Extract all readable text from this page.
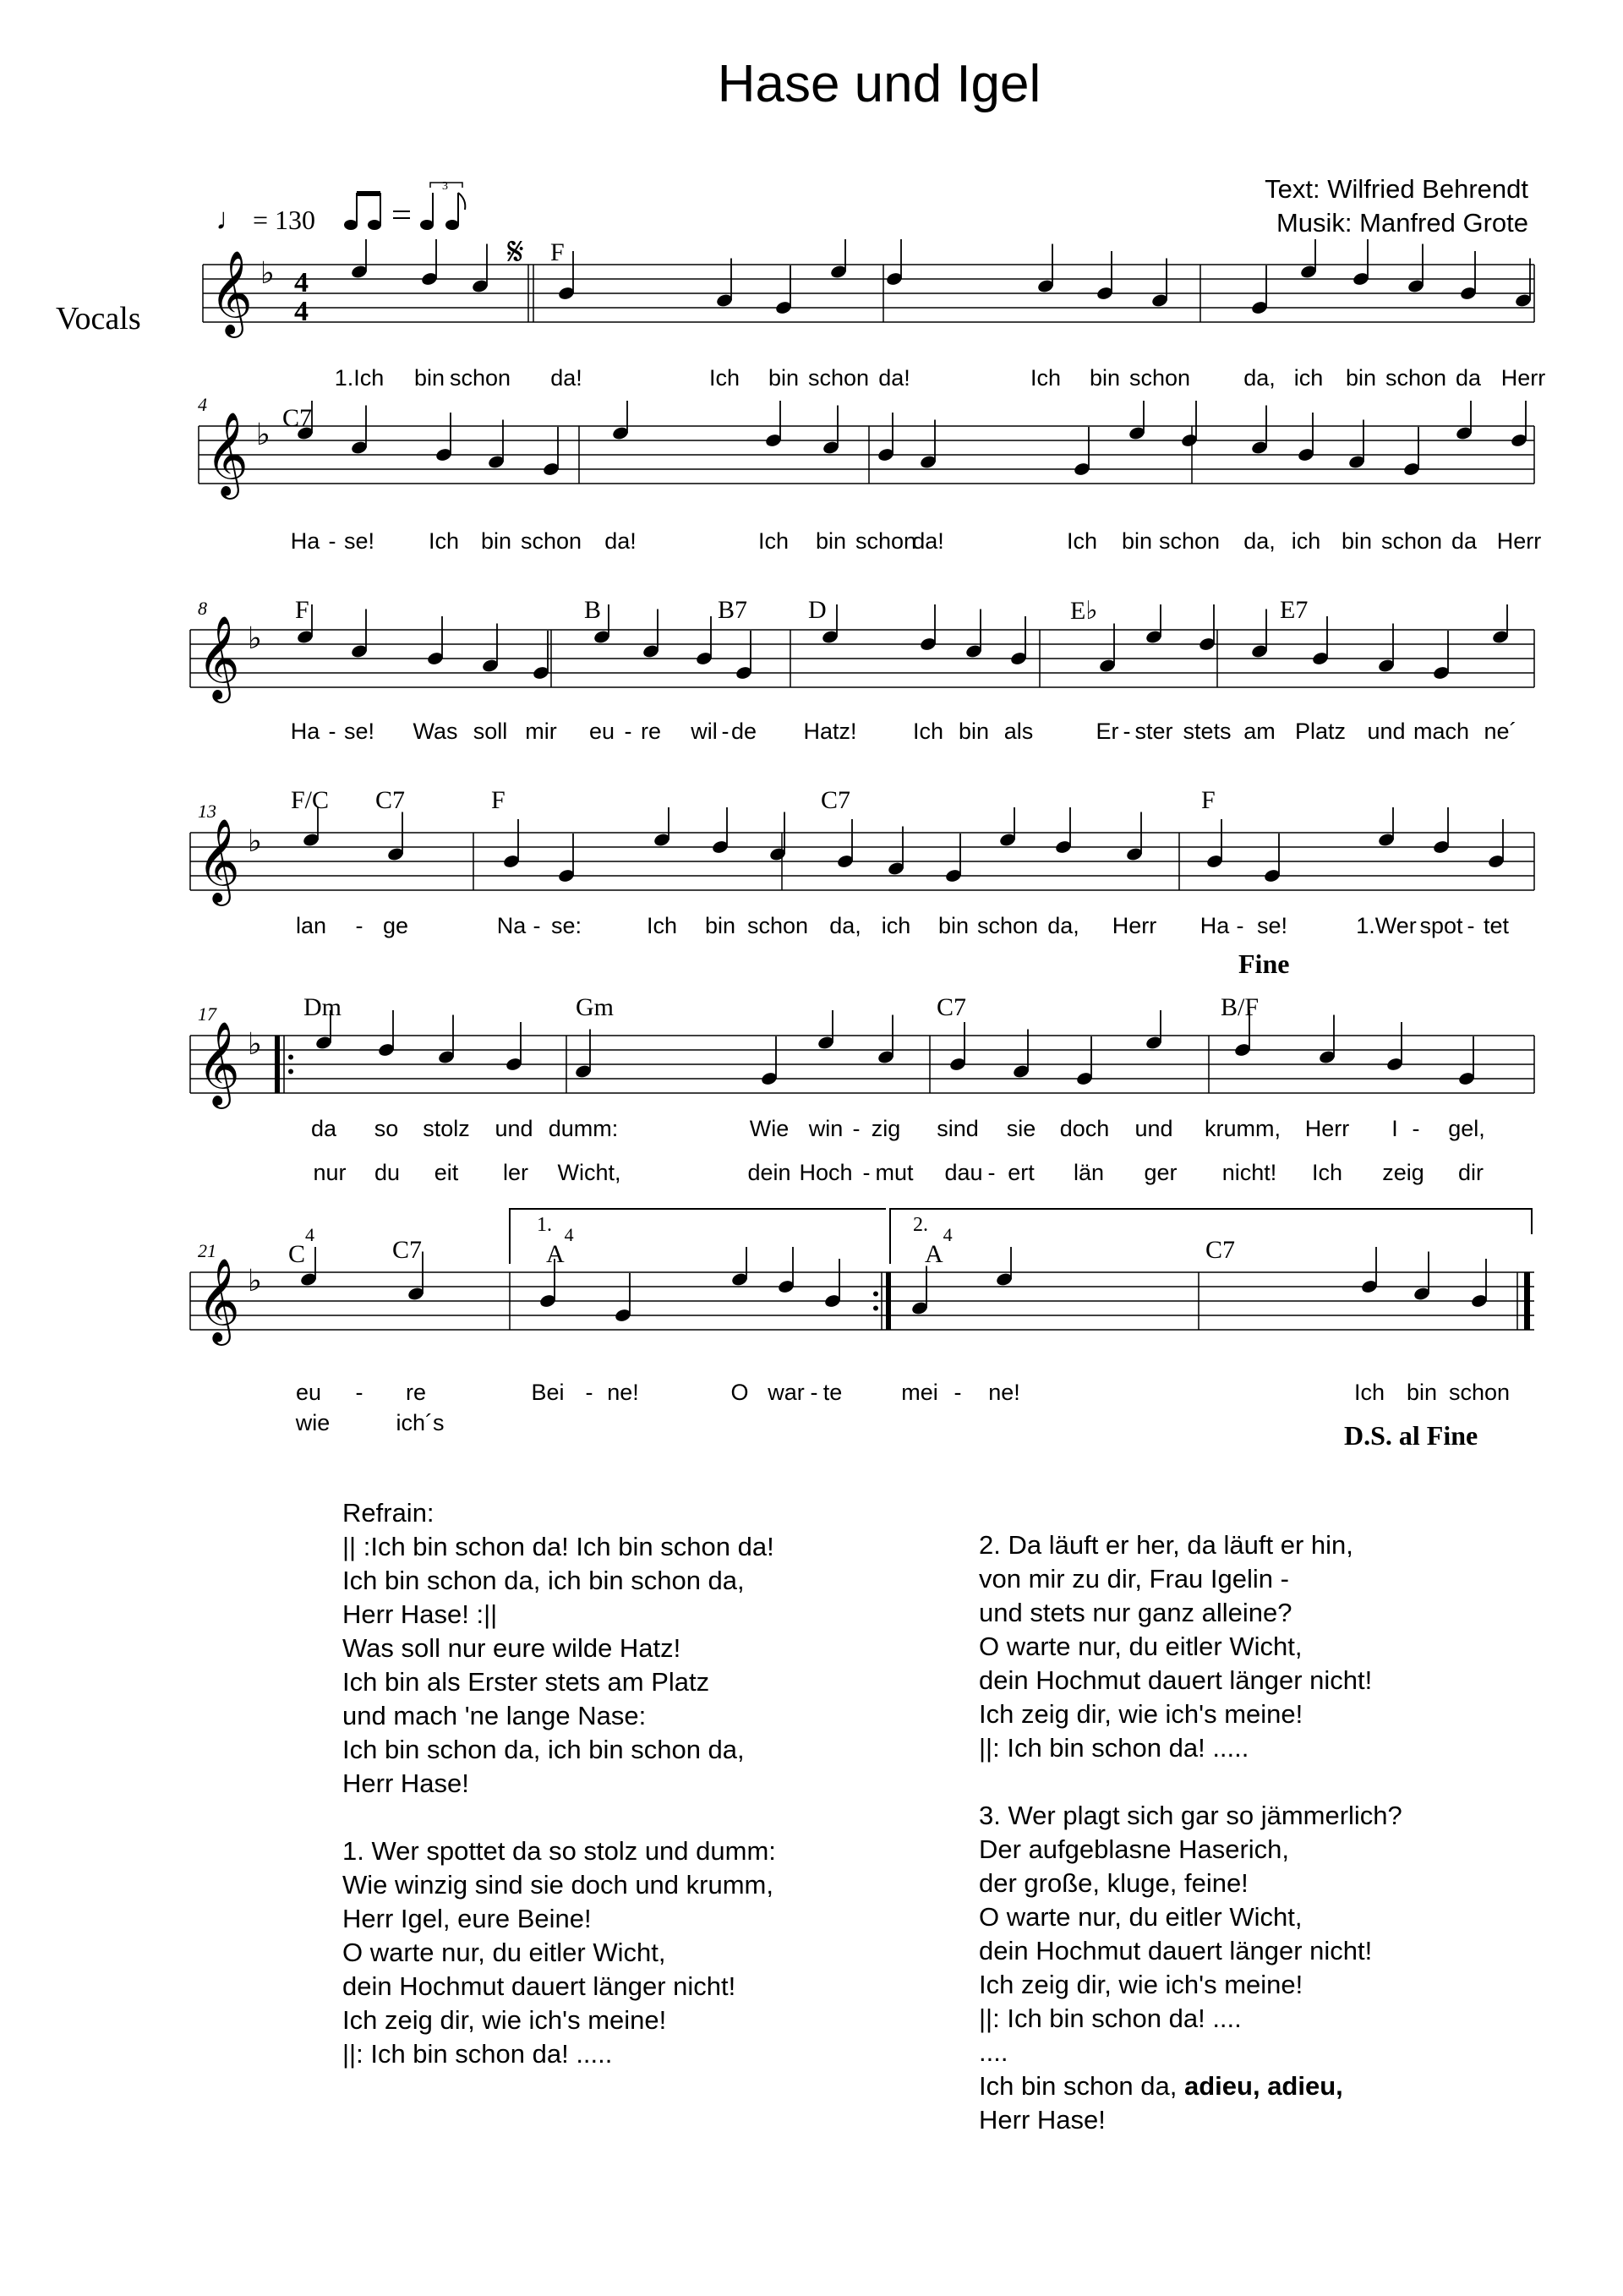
Hase und Igel
Text: Wilfried Behrendt
Musik: Manfred Grote
♩ = 130
3
Vocals
𝄋
𝄞 ♭ 4
4
F
1.Ich bin schon da!	Ich bin schon da!	Ich bin schon da, ich bin schon da Herr
𝄞 ♭
4	C7
Ha - se! Ich bin schon da!	Ich bin schon
da!	Ich bin schon da, ich bin schon da Herr
𝄞 ♭
8	F	B	B7 D	E♭	E7
Ha - se! Was soll mir eu - re wil - de Hatz! Ich bin als	Er - ster stets am Platz und mach ne´
𝄞 ♭
13	F/C C7	F	C7	F
lan - ge	Na - se:	Ich bin schon da, ich bin schon da, Herr Ha - se!	1.Wer spot - tet
𝄞 ♭
17	Dm	Gm	C7	B/F
da so stolz und dumm:	Wie win - zig sind sie doch und krumm, Herr I - gel,
nur du eit ler Wicht,	dein Hoch - mut dau - ert län ger nicht! Ich zeig dir
𝄞 ♭
21	$C^4$
C7	$A^4$
$A^4$
C7
eu - re	Bei - ne!	O war - te	mei - ne!	Ich bin schon
wie	ich´s
Fine
D.S. al Fine
1.	2.
Refrain:
|| :Ich bin schon da! Ich bin schon da!
Ich bin schon da, ich bin schon da,
Herr Hase! :||
Was soll nur eure wilde Hatz!
Ich bin als Erster stets am Platz
und mach 'ne lange Nase:
Ich bin schon da, ich bin schon da,
Herr Hase!
1. Wer spottet da so stolz und dumm:
Wie winzig sind sie doch und krumm,
Herr Igel, eure Beine!
O warte nur, du eitler Wicht,
dein Hochmut dauert länger nicht!
Ich zeig dir, wie ich's meine!
||: Ich bin schon da! .....
2. Da läuft er her, da läuft er hin,
von mir zu dir, Frau Igelin -
und stets nur ganz alleine?
O warte nur, du eitler Wicht,
dein Hochmut dauert länger nicht!
Ich zeig dir, wie ich's meine!
||: Ich bin schon da! .....
3. Wer plagt sich gar so jämmerlich?
Der aufgeblasne Haserich,
der große, kluge, feine!
O warte nur, du eitler Wicht,
dein Hochmut dauert länger nicht!
Ich zeig dir, wie ich's meine!
||: Ich bin schon da! ....
....
Ich bin schon da, adieu, adieu,
Herr Hase!
